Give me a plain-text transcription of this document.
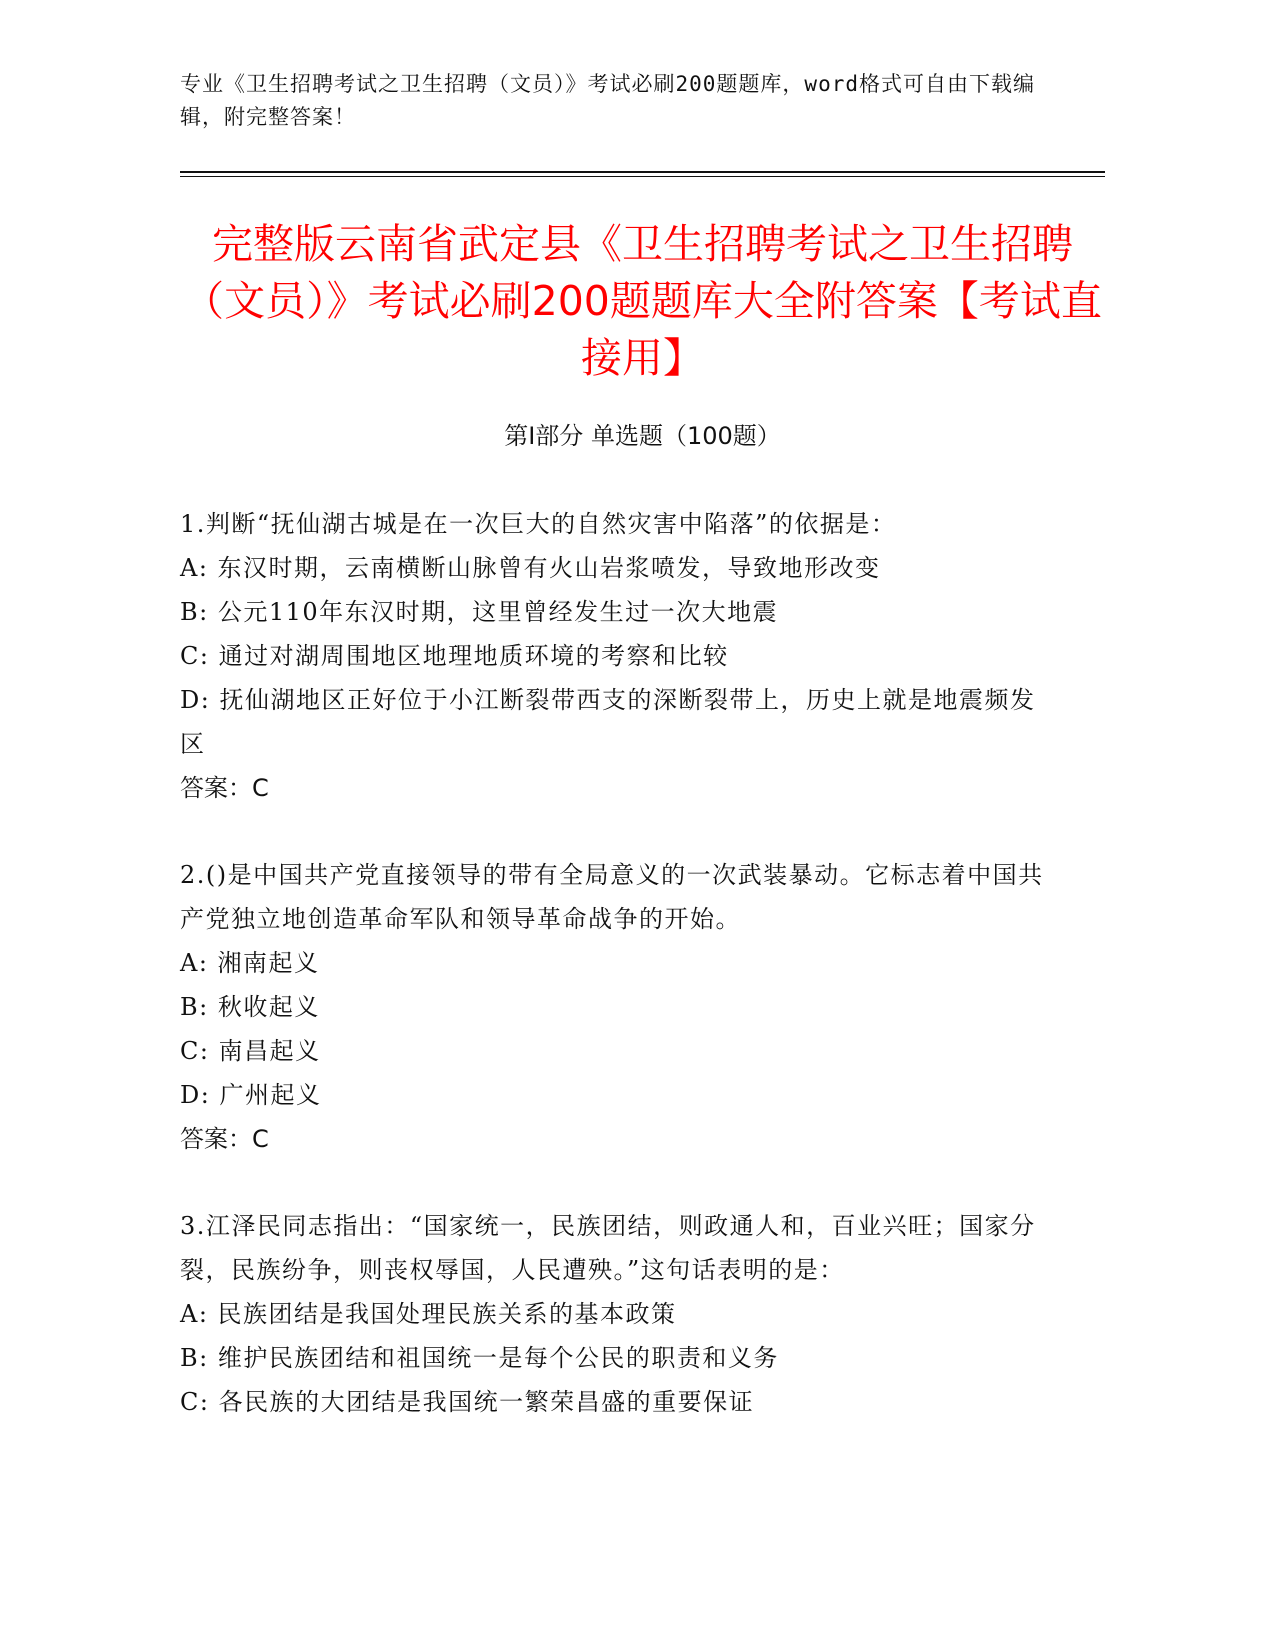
专业《卫生招聘考试之卫生招聘（文员）》考试必刷200题题库，word格式可自由下载编辑，附完整答案！
完整版云南省武定县《卫生招聘考试之卫生招聘（文员）》考试必刷200题题库大全附答案【考试直接用】
第I部分 单选题（100题）

1.判断“抚仙湖古城是在一次巨大的自然灾害中陷落”的依据是：

A: 东汉时期，云南横断山脉曾有火山岩浆喷发，导致地形改变

B: 公元110年东汉时期，这里曾经发生过一次大地震

C: 通过对湖周围地区地理地质环境的考察和比较

D: 抚仙湖地区正好位于小江断裂带西支的深断裂带上，历史上就是地震频发区

答案：C

2.()是中国共产党直接领导的带有全局意义的一次武装暴动。它标志着中国共产党独立地创造革命军队和领导革命战争的开始。

A: 湘南起义

B: 秋收起义

C: 南昌起义

D: 广州起义

答案：C

3.江泽民同志指出：“国家统一，民族团结，则政通人和，百业兴旺；国家分裂，民族纷争，则丧权辱国，人民遭殃。”这句话表明的是：

A: 民族团结是我国处理民族关系的基本政策

B: 维护民族团结和祖国统一是每个公民的职责和义务

C: 各民族的大团结是我国统一繁荣昌盛的重要保证
